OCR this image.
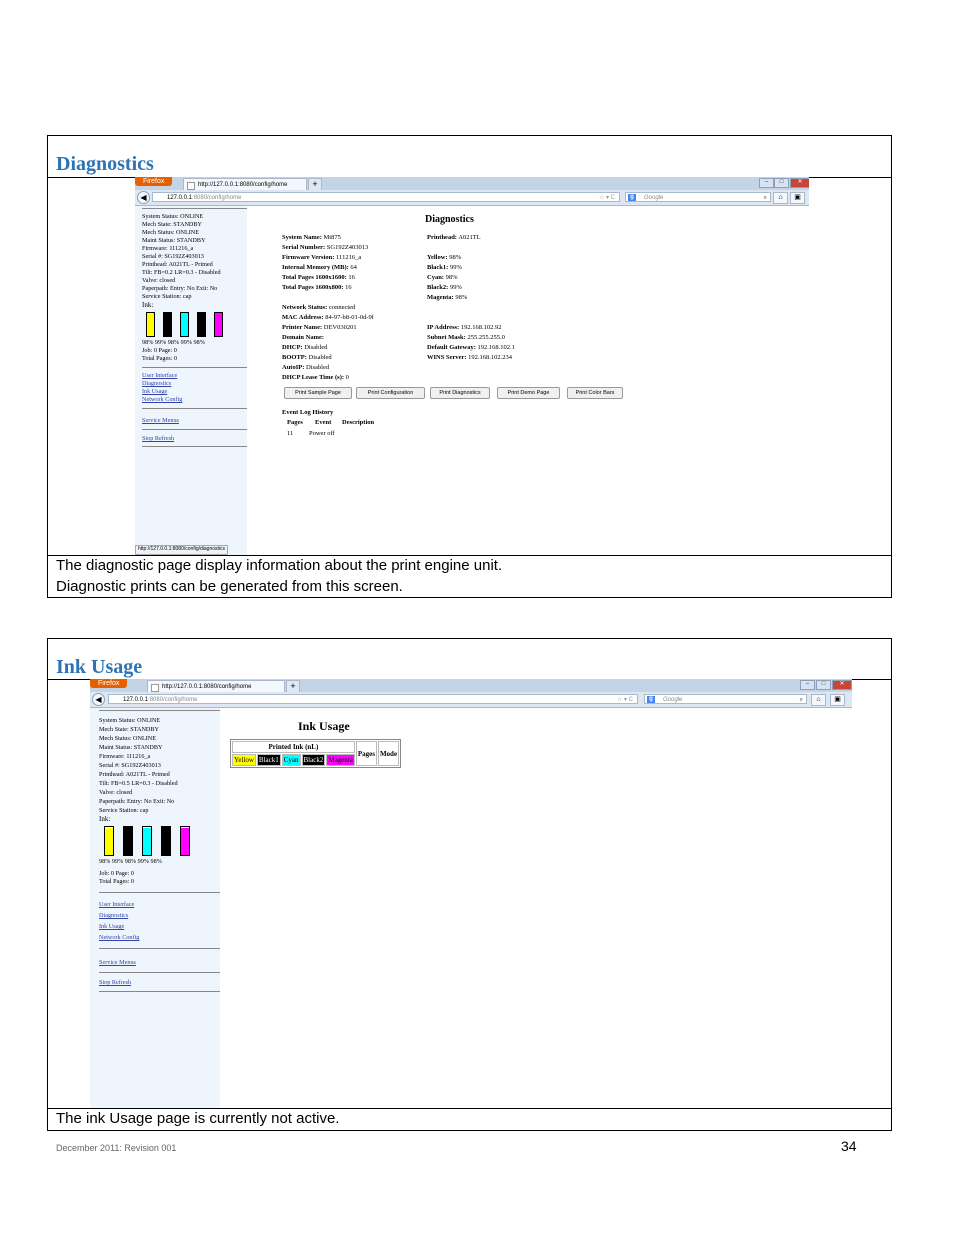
Diagnostics
The diagnostic page display information about the print engine unit.
Diagnostic prints can be generated from this screen.
Firefox	http://127.0.0.1:8080/config/home	+	–	□	✕
◀	127.0.0.1:8080/config/home	☆ ▾ C	g	Google	⌕	⌂	▣
System Status: ONLINE
Mech State: STANDBY
Mech Status: ONLINE
Maint Status: STANDBY
Firmware: 111216_a
Serial #: SG192Z403013
Printhead: A021TL - Primed
Tilt: FB=0.2 LR=0.3 - Disabled
Valve: closed
Paperpath: Entry: No Exit: No
Service Station: cap
Ink:
98% 99% 98% 99% 98%
Job: 0 Page: 0
Total Pages: 0
User Interface
Diagnostics
Ink Usage
Network Config
Service Menus
Stop Refresh
http://127.0.0.1:8080/config/diagnostics
Diagnostics
System Name: Mi875
Serial Number: SG192Z403013
Firmware Version: 111216_a
Internal Memory (MB): 64
Total Pages 1600x1600: 16
Total Pages 1600x800: 16
Printhead: A021TL
Yellow: 98%
Black1: 99%
Cyan: 98%
Black2: 99%
Magenta: 98%
Network Status: connected
MAC Address: 84-97-b8-01-0d-9f
Printer Name: DEV030201
Domain Name:
DHCP: Disabled
BOOTP: Disabled
AutoIP: Disabled
DHCP Lease Time (s): 0
IP Address: 192.168.102.92
Subnet Mask: 255.255.255.0
Default Gateway: 192.168.102.1
WINS Server: 192.168.102.234
Print Sample Page	Print Configuration	Print Diagnostics	Print Demo Page	Print Color Bars
Event Log History
Pages Event Description
11 Power off
Ink Usage
The ink Usage page is currently not active.
Firefox	http://127.0.0.1:8080/config/home	+	–	□	✕
◀	127.0.0.1:8080/config/home	☆ ▾ C	g	Google	⌕	⌂	▣
System Status: ONLINE
Mech State: STANDBY
Mech Status: ONLINE
Maint Status: STANDBY
Firmware: 111216_a
Serial #: SG192Z403013
Printhead: A021TL - Primed
Tilt: FB=0.5 LR=0.3 - Disabled
Valve: closed
Paperpath: Entry: No Exit: No
Service Station: cap
Ink:
98% 99% 98% 99% 98%
Job: 0 Page: 0
Total Pages: 0
User Interface
Diagnostics
Ink Usage
Network Config
Service Menus
Stop Refresh
Ink Usage
Printed Ink (nL)					Pages	Mode
Yellow	Black1	Cyan	Black2	Magenta		
December 2011: Revision 001	34
